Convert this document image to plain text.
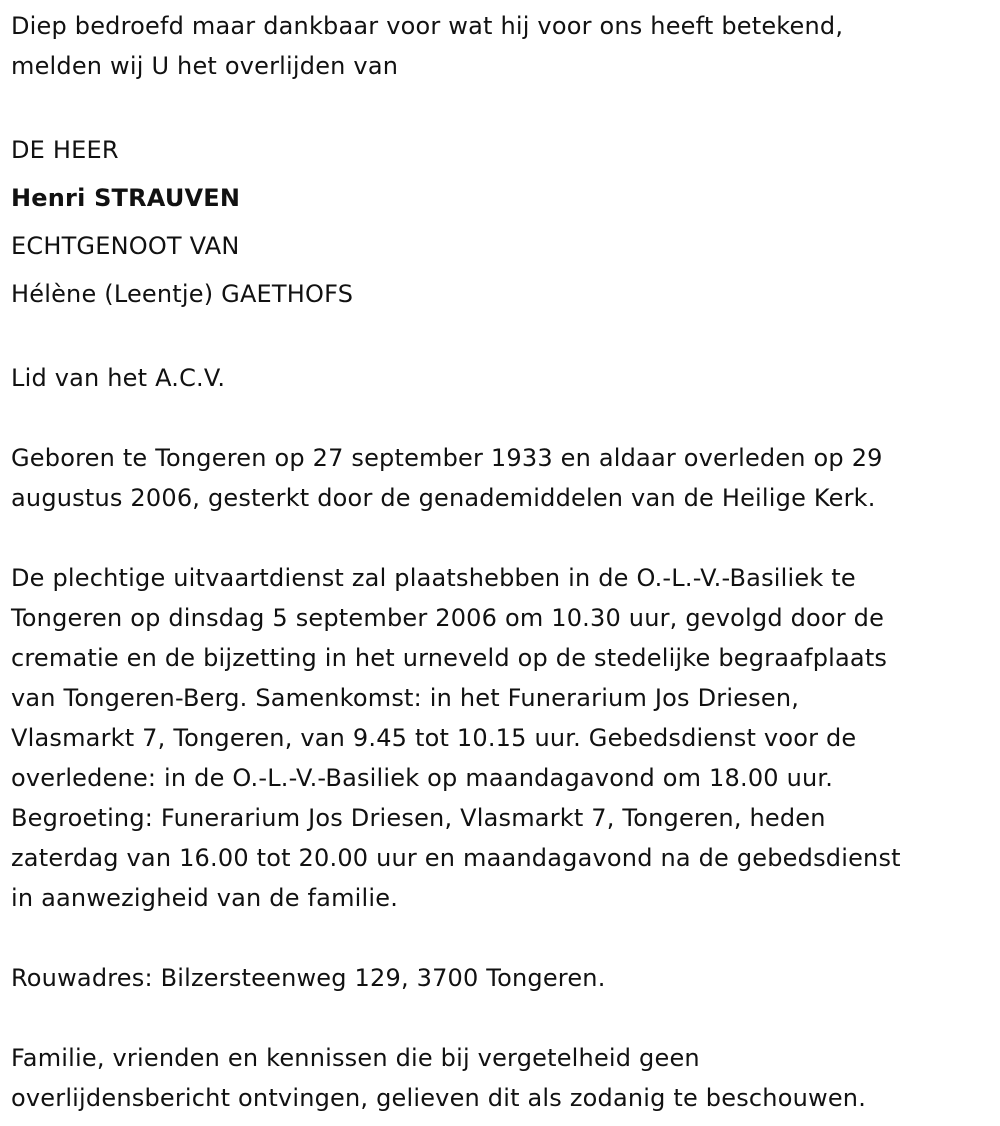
Diep bedroefd maar dankbaar voor wat hij voor ons heeft betekend,
melden wij U het overlijden van

DE HEER

Henri STRAUVEN

ECHTGENOOT VAN

Hélène (Leentje) GAETHOFS

Lid van het A.C.V.

Geboren te Tongeren op 27 september 1933 en aldaar overleden op 29
augustus 2006, gesterkt door de genademiddelen van de Heilige Kerk.

De plechtige uitvaartdienst zal plaatshebben in de O.-L.-V.-Basiliek te
Tongeren op dinsdag 5 september 2006 om 10.30 uur, gevolgd door de
crematie en de bijzetting in het urneveld op de stedelijke begraafplaats
van Tongeren-Berg. Samenkomst: in het Funerarium Jos Driesen,
Vlasmarkt 7, Tongeren, van 9.45 tot 10.15 uur. Gebedsdienst voor de
overledene: in de O.-L.-V.-Basiliek op maandagavond om 18.00 uur.
Begroeting: Funerarium Jos Driesen, Vlasmarkt 7, Tongeren, heden
zaterdag van 16.00 tot 20.00 uur en maandagavond na de gebedsdienst
in aanwezigheid van de familie.

Rouwadres: Bilzersteenweg 129, 3700 Tongeren.

Familie, vrienden en kennissen die bij vergetelheid geen
overlijdensbericht ontvingen, gelieven dit als zodanig te beschouwen.
